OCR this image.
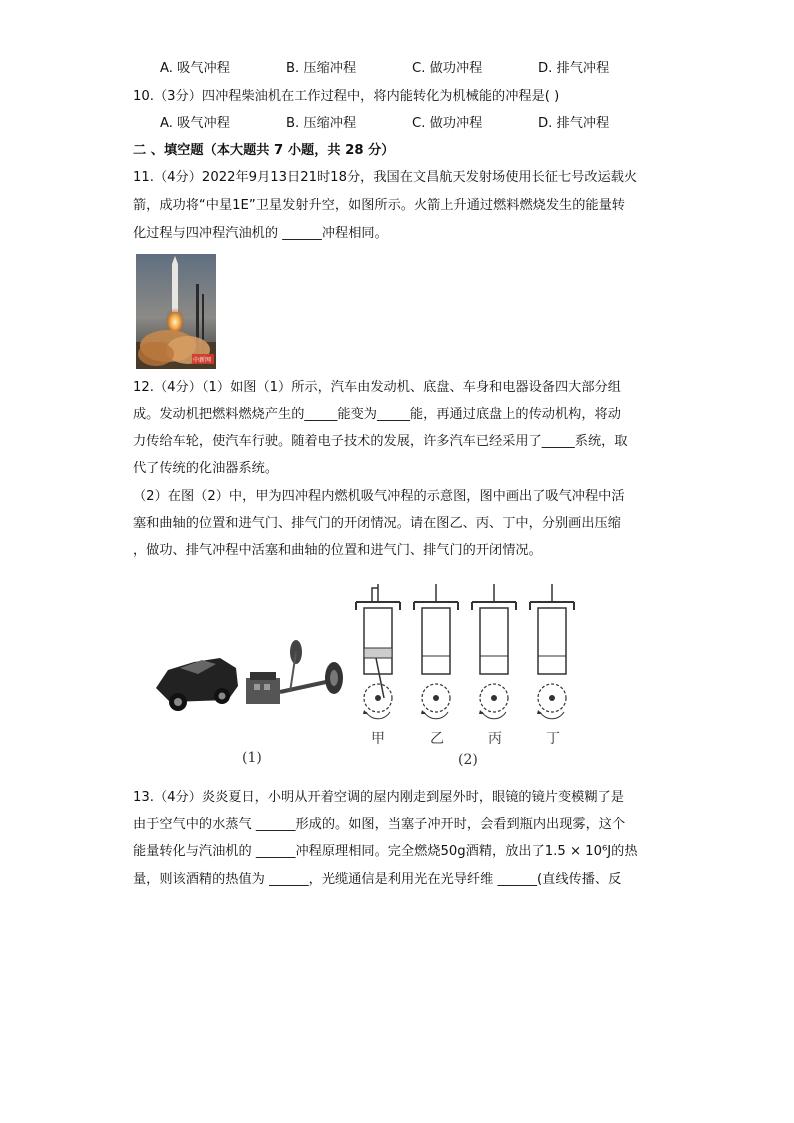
A. 吸气冲程	B. 压缩冲程	C. 做功冲程	D. 排气冲程
10.（3分）四冲程柴油机在工作过程中，将内能转化为机械能的冲程是( )
A. 吸气冲程	B. 压缩冲程	C. 做功冲程	D. 排气冲程
二 、填空题（本大题共 7 小题，共 28 分）
11.（4分）2022年9月13日21时18分，我国在文昌航天发射场使用长征七号改运载火
箭，成功将“中星1E”卫星发射升空，如图所示。火箭上升通过燃料燃烧发生的能量转
化过程与四冲程汽油机的 ______冲程相同。
中新网
12.（4分）（1）如图（1）所示，汽车由发动机、底盘、车身和电器设备四大部分组
成。发动机把燃料燃烧产生的_____能变为_____能，再通过底盘上的传动机构，将动
力传给车轮，使汽车行驶。随着电子技术的发展，许多汽车已经采用了_____系统，取
代了传统的化油器系统。
（2）在图（2）中，甲为四冲程内燃机吸气冲程的示意图，图中画出了吸气冲程中活
塞和曲轴的位置和进气门、排气门的开闭情况。请在图乙、丙、丁中，分别画出压缩
，做功、排气冲程中活塞和曲轴的位置和进气门、排气门的开闭情况。
甲	乙	丙	丁
(1)	(2)
13.（4分）炎炎夏日，小明从开着空调的屋内刚走到屋外时，眼镜的镜片变模糊了是
由于空气中的水蒸气 ______形成的。如图，当塞子冲开时，会看到瓶内出现雾，这个
能量转化与汽油机的 ______冲程原理相同。完全燃烧50g酒精，放出了1.5 × 10⁶J的热
量，则该酒精的热值为 ______，光缆通信是利用光在光导纤维 ______(直线传播、反
